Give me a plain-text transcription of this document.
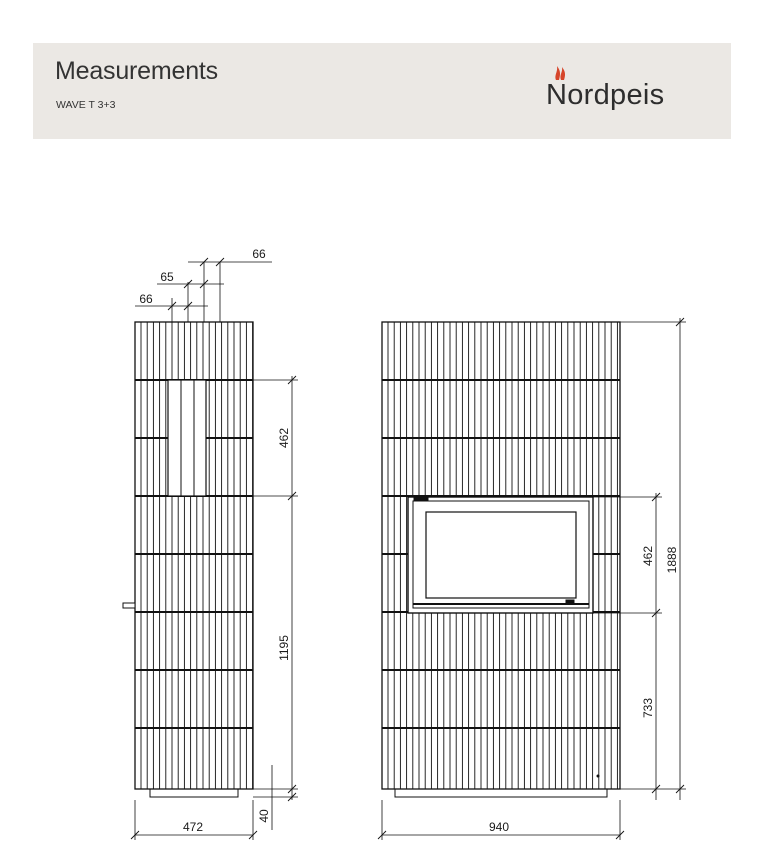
Measurements
WAVE T 3+3	Nordpeis
66
65
66
462
1195
40
472
462
733
1888
940
